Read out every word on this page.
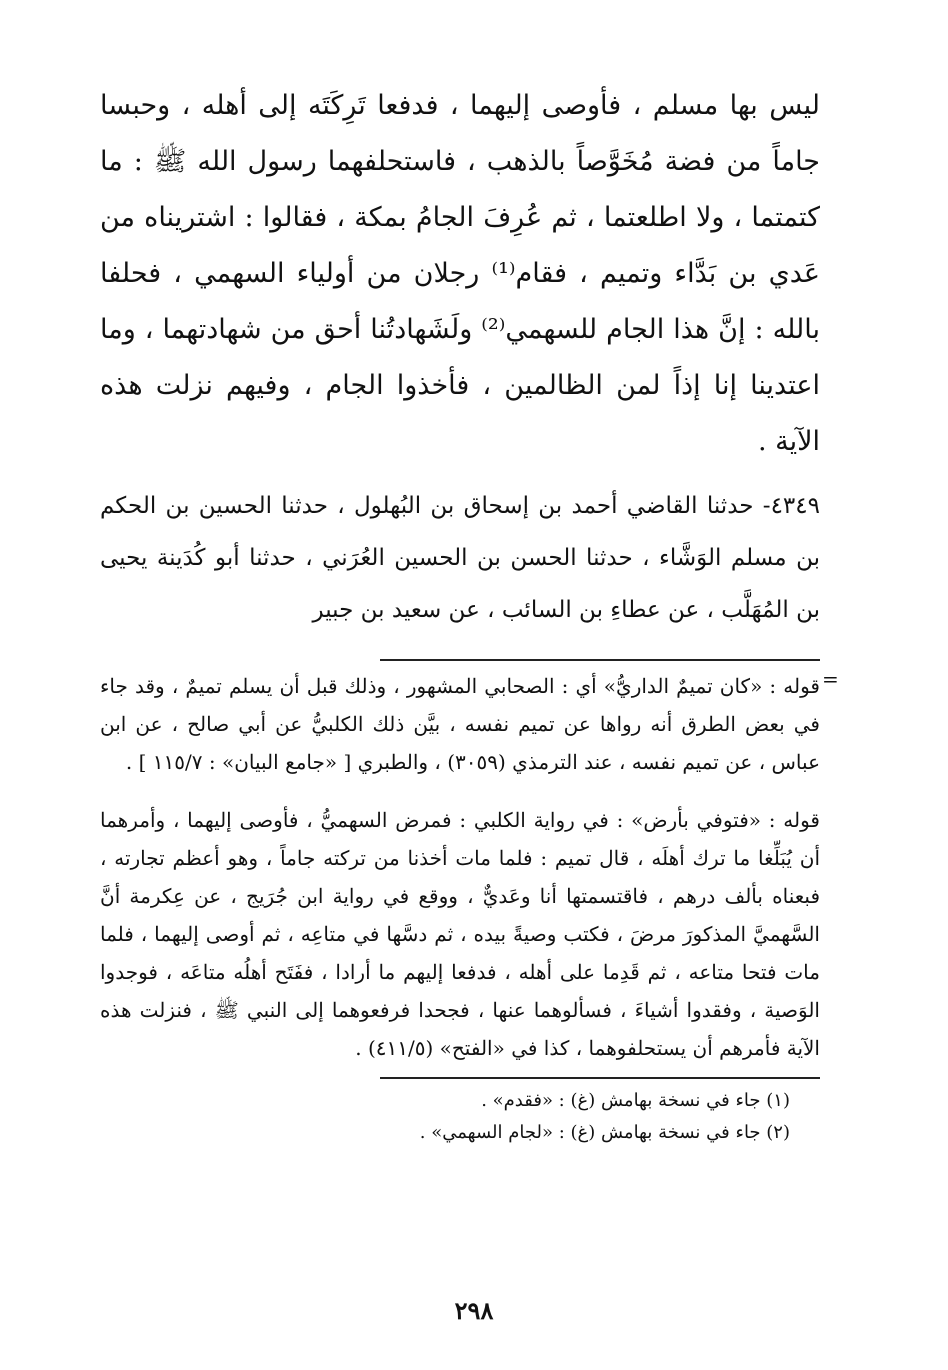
ليس بها مسلم ، فأوصى إليهما ، فدفعا تَرِكَتَه إلى أهله ، وحبسا جاماً من فضة مُخَوَّصاً بالذهب ، فاستحلفهما رسول الله ﷺ : ما كتمتما ، ولا اطلعتما ، ثم عُرِفَ الجامُ بمكة ، فقالوا : اشتريناه من عَدي بن بَدَّاء وتميم ، فقام⁽¹⁾ رجلان من أولياء السهمي ، فحلفا بالله : إنَّ هذا الجام للسهمي⁽²⁾ ولَشَهادتُنا أحق من شهادتهما ، وما اعتدينا إنا إذاً لمن الظالمين ، فأخذوا الجام ، وفيهم نزلت هذه الآية .

٤٣٤٩- حدثنا القاضي أحمد بن إسحاق بن البُهلول ، حدثنا الحسين بن الحكم بن مسلم الوَشَّاء ، حدثنا الحسن بن الحسين العُرَني ، حدثنا أبو كُدَينة يحيى بن المُهَلَّب ، عن عطاءِ بن السائب ، عن سعيد بن جبير

=

قوله : «كان تميمٌ الداريُّ» أي : الصحابي المشهور ، وذلك قبل أن يسلم تميمٌ ، وقد جاء في بعض الطرق أنه رواها عن تميم نفسه ، بيَّن ذلك الكلبيُّ عن أبي صالح ، عن ابن عباس ، عن تميم نفسه ، عند الترمذي (٣٠٥٩) ، والطبري [ «جامع البيان» : ١١٥/٧ ] .

قوله : «فتوفي بأرض» : في رواية الكلبي : فمرض السهميُّ ، فأوصى إليهما ، وأمرهما أن يُبَلِّغا ما ترك أهلَه ، قال تميم : فلما مات أخذنا من تركته جاماً ، وهو أعظم تجارته ، فبعناه بألف درهم ، فاقتسمتها أنا وعَديٌّ ، ووقع في رواية ابن جُرَيج ، عن عِكرمة أنَّ السَّهميَّ المذكورَ مرضَ ، فكتب وصيةً بيده ، ثم دسَّها في متاعِه ، ثم أوصى إليهما ، فلما مات فتحا متاعه ، ثم قَدِما على أهله ، فدفعا إليهم ما أرادا ، ففَتَح أهلُه متاعَه ، فوجدوا الوَصية ، وفقدوا أشياءَ ، فسألوهما عنها ، فجحدا فرفعوهما إلى النبي ﷺ ، فنزلت هذه الآية فأمرهم أن يستحلفوهما ، كذا في «الفتح» (٤١١/٥) .

(١) جاء في نسخة بهامش (غ) : «فقدم» .
(٢) جاء في نسخة بهامش (غ) : «لجام السهمي» .
٢٩٨
